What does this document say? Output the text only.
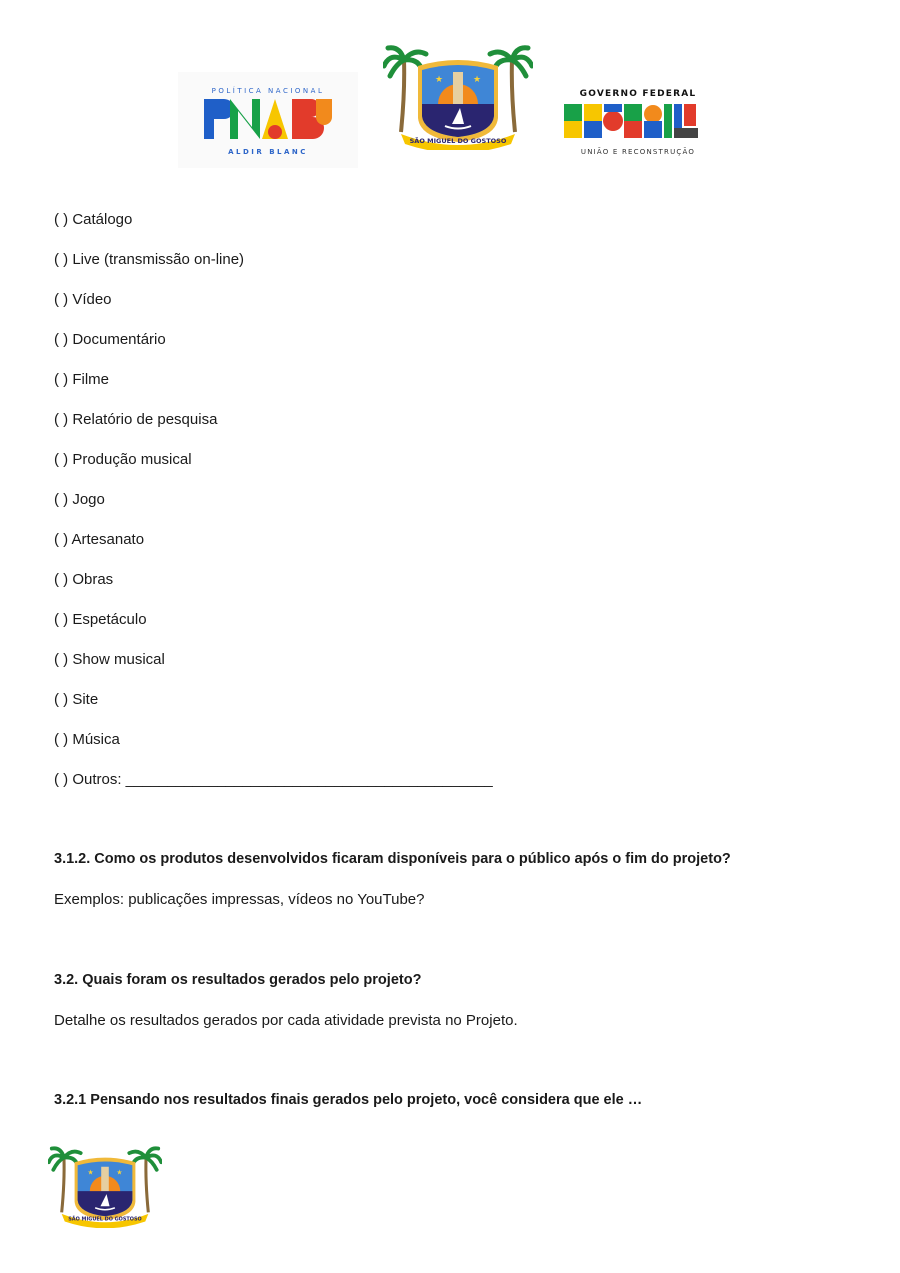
POLÍTICA NACIONAL
ALDIR BLANC
★	★
SÃO MIGUEL DO GOSTOSO
GOVERNO FEDERAL
UNIÃO E RECONSTRUÇÃO
( ) Catálogo
( ) Live (transmissão on-line)
( ) Vídeo
( ) Documentário
( ) Filme
( ) Relatório de pesquisa
( ) Produção musical
( ) Jogo
( ) Artesanato
( ) Obras
( ) Espetáculo
( ) Show musical
( ) Site
( ) Música
( ) Outros: ____________________________________________
3.1.2. Como os produtos desenvolvidos ficaram disponíveis para o público após o fim do projeto?
Exemplos: publicações impressas, vídeos no YouTube?
3.2. Quais foram os resultados gerados pelo projeto?
Detalhe os resultados gerados por cada atividade prevista no Projeto.
3.2.1 Pensando nos resultados finais gerados pelo projeto, você considera que ele …
★	★
SÃO MIGUEL DO GOSTOSO
